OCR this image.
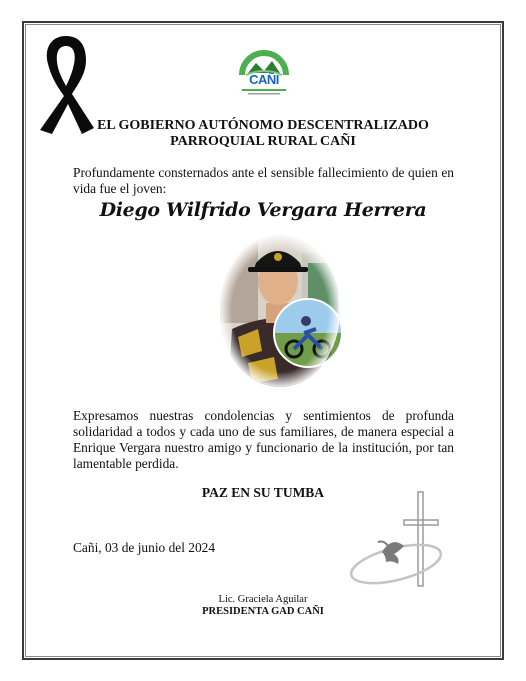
CAÑI
EL GOBIERNO AUTÓNOMO DESCENTRALIZADO
PARROQUIAL RURAL CAÑI
Profundamente consternados ante el sensible fallecimiento de quien en vida fue el joven:
Diego Wilfrido Vergara Herrera
Expresamos nuestras condolencias y sentimientos de profunda solidaridad a todos y cada uno de sus familiares, de manera especial a Enrique Vergara nuestro amigo y funcionario de la institución, por tan lamentable perdida.
PAZ EN SU TUMBA
Cañi, 03 de junio del 2024
Lic. Graciela Aguilar
PRESIDENTA GAD CAÑI
